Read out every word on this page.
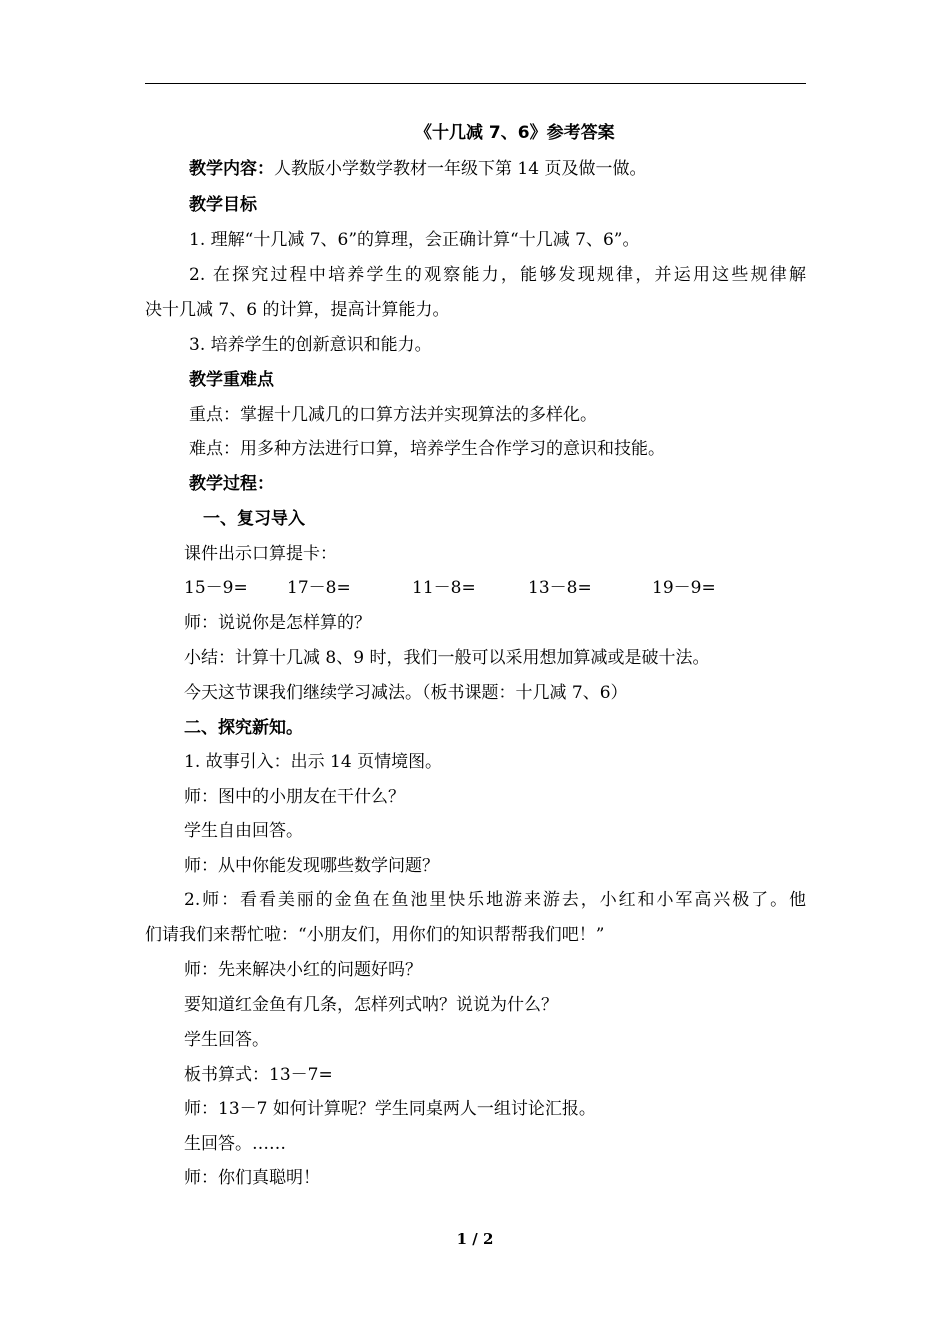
《十几减 7、6》参考答案
教学内容：人教版小学数学教材一年级下第 14 页及做一做。
教学目标
1. 理解“十几减 7、6”的算理，会正确计算“十几减 7、6”。
2. 在探究过程中培养学生的观察能力，能够发现规律，并运用这些规律解
决十几减 7、6 的计算，提高计算能力。
3. 培养学生的创新意识和能力。
教学重难点
重点：掌握十几减几的口算方法并实现算法的多样化。
难点：用多种方法进行口算，培养学生合作学习的意识和技能。
教学过程：
一、复习导入
课件出示口算提卡：
15－9= 17－8=	11－8=	13－8=	19－9=
师：说说你是怎样算的？
小结：计算十几减 8、9 时，我们一般可以采用想加算减或是破十法。
今天这节课我们继续学习减法。（板书课题：十几减 7、6）
二、探究新知。
1. 故事引入：出示 14 页情境图。
师：图中的小朋友在干什么？
学生自由回答。
师：从中你能发现哪些数学问题？
2.师：看看美丽的金鱼在鱼池里快乐地游来游去，小红和小军高兴极了。他
们请我们来帮忙啦：“小朋友们，用你们的知识帮帮我们吧！”
师：先来解决小红的问题好吗？
要知道红金鱼有几条，怎样列式呐？说说为什么？
学生回答。
板书算式：13－7=
师：13－7 如何计算呢？学生同桌两人一组讨论汇报。
生回答。……
师：你们真聪明！
1 / 2
